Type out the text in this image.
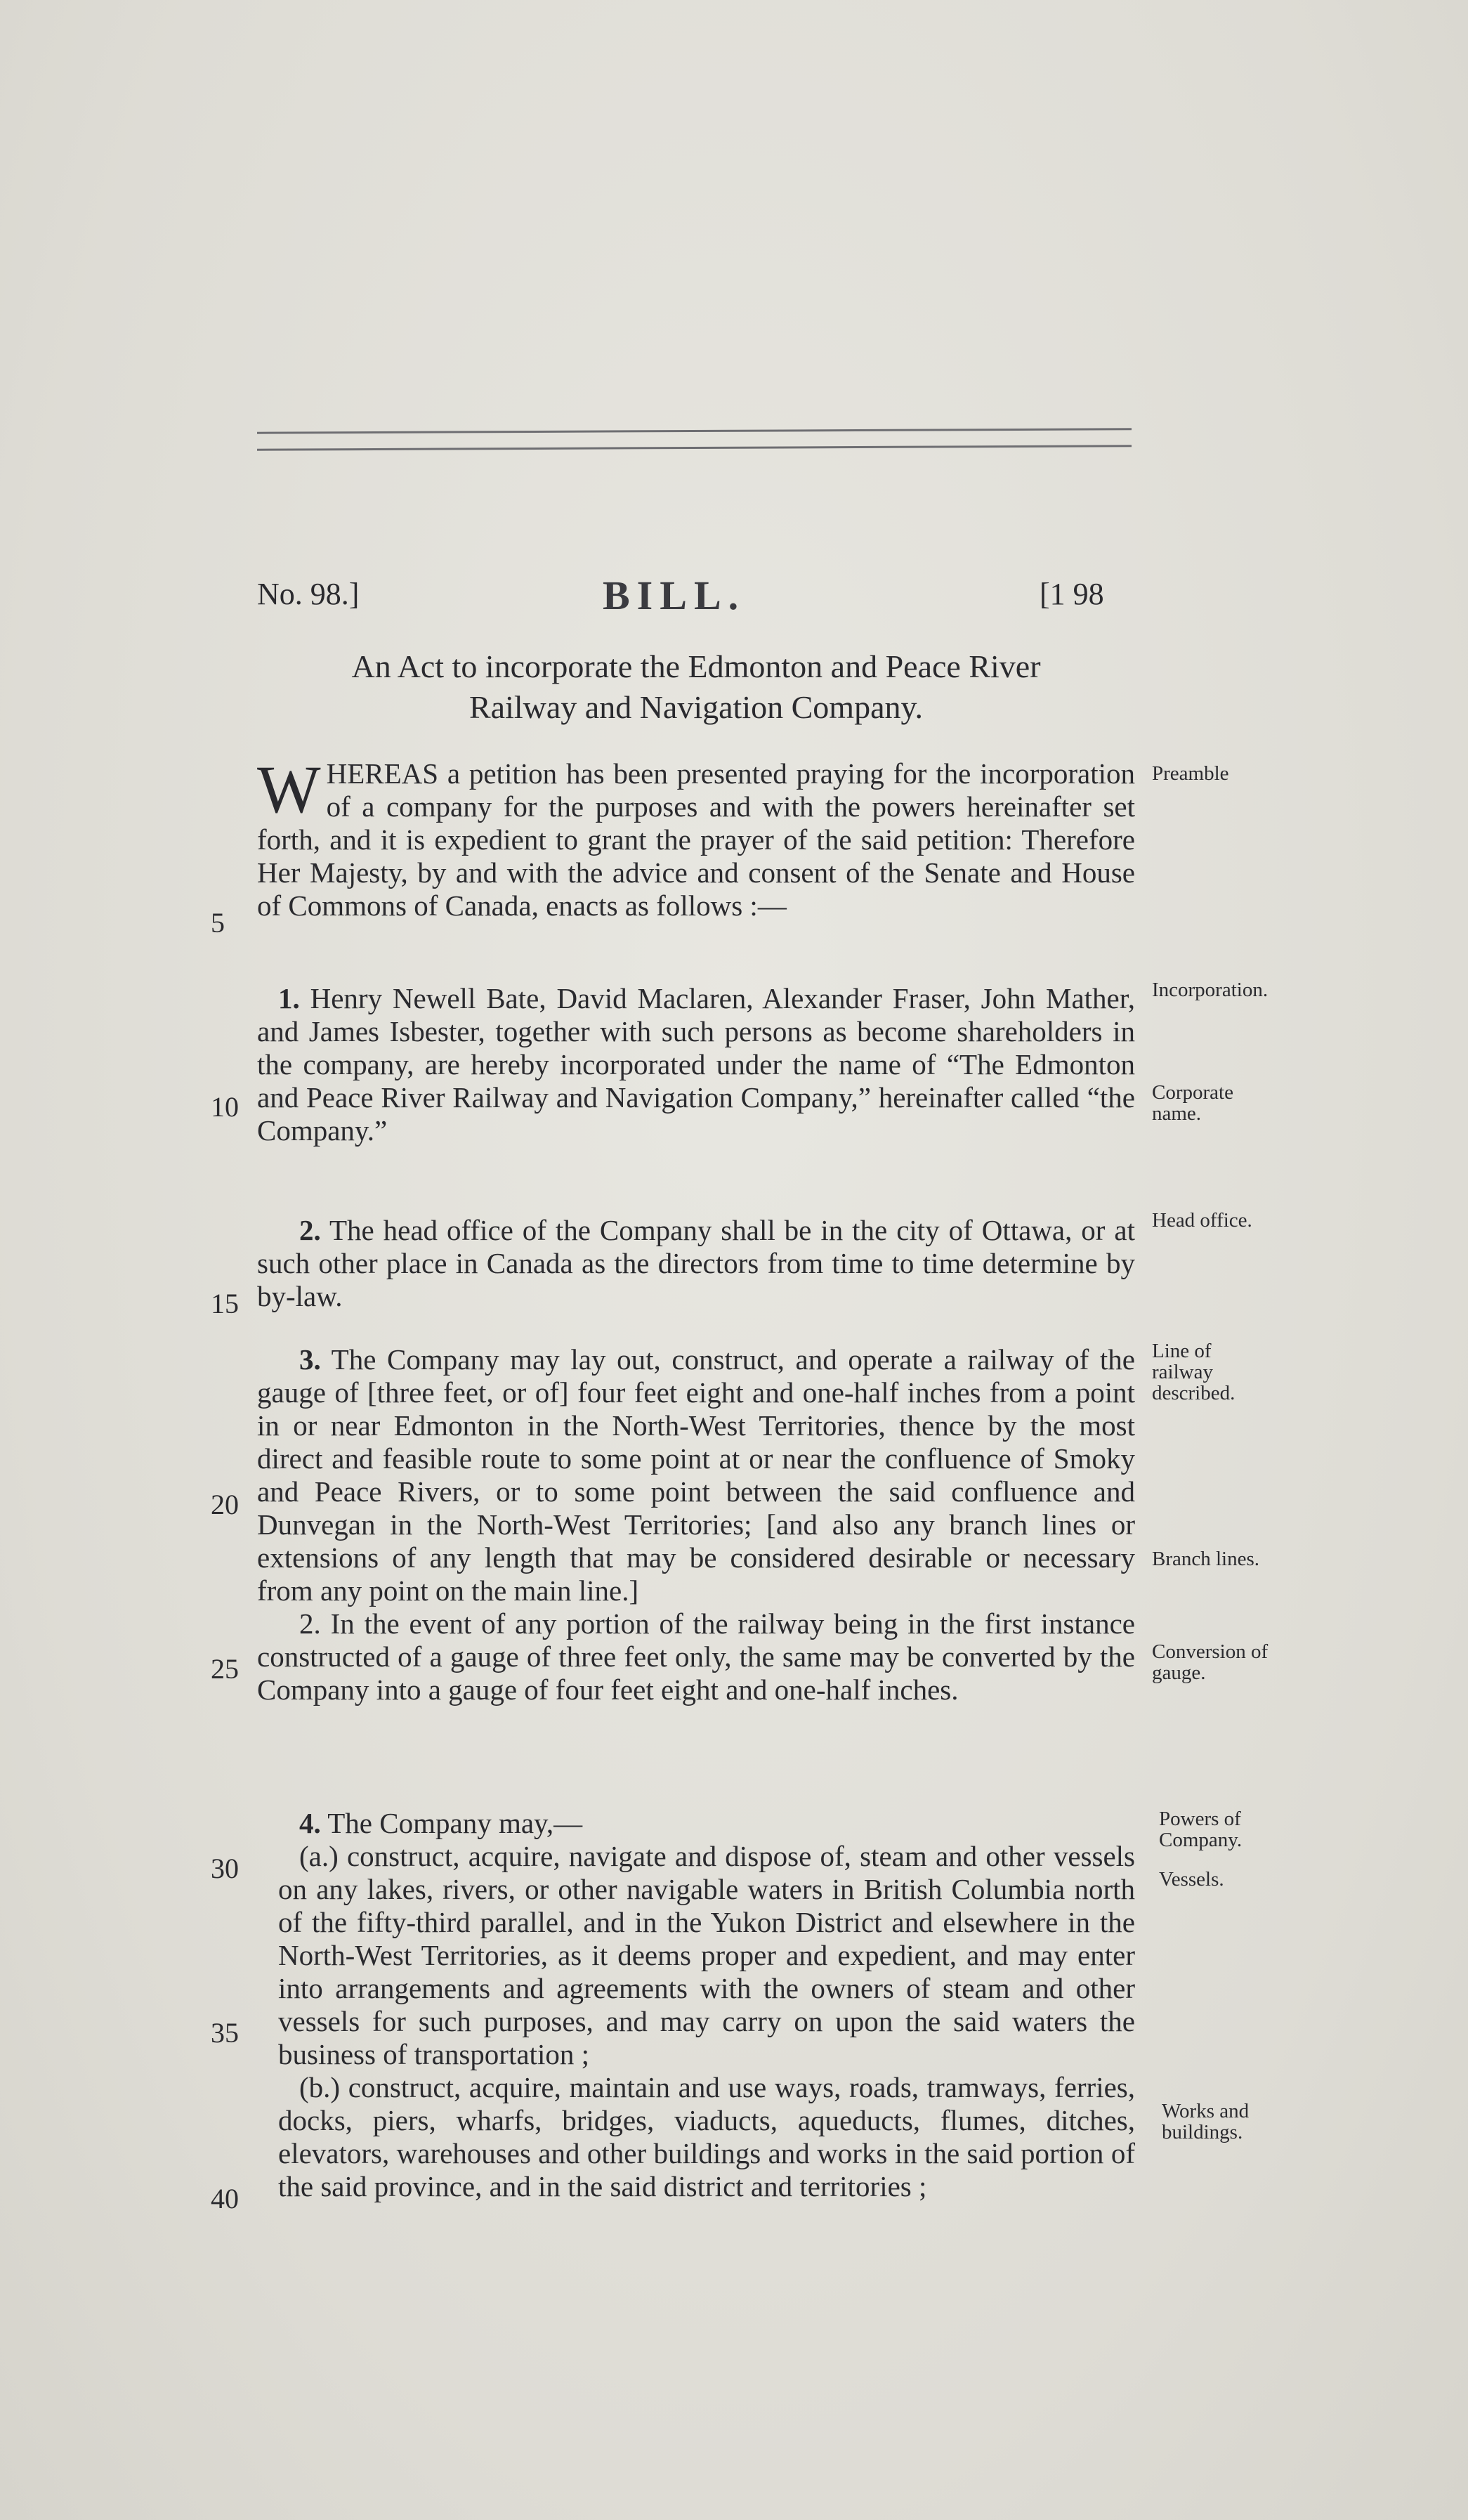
No. 98.]	BILL.	[1 98
An Act to incorporate the Edmonton and Peace River
Railway and Navigation Company.

W HEREAS a petition has been presented praying for the incorporation of a company for the purposes and with the powers hereinafter set forth, and it is expedient to grant the prayer of the said petition: Therefore Her Majesty, by and with the advice and consent of the Senate and House of Commons of Canada, enacts as follows :—

1. Henry Newell Bate, David Maclaren, Alexander Fraser, John Mather, and James Isbester, together with such persons as become shareholders in the company, are hereby incorporated under the name of “The Edmonton and Peace River Railway and Navigation Company,” hereinafter called “the Company.”

2. The head office of the Company shall be in the city of Ottawa, or at such other place in Canada as the directors from time to time determine by by-law.

3. The Company may lay out, construct, and operate a railway of the gauge of [three feet, or of] four feet eight and one-half inches from a point in or near Edmonton in the North-West Territories, thence by the most direct and feasible route to some point at or near the confluence of Smoky and Peace Rivers, or to some point between the said confluence and Dunvegan in the North-West Territories; [and also any branch lines or extensions of any length that may be considered desirable or necessary from any point on the main line.]

2. In the event of any portion of the railway being in the first instance constructed of a gauge of three feet only, the same may be converted by the Company into a gauge of four feet eight and one-half inches.

4. The Company may,—

(a.) construct, acquire, navigate and dispose of, steam and other vessels on any lakes, rivers, or other navigable waters in British Columbia north of the fifty-third parallel, and in the Yukon District and elsewhere in the North-West Territories, as it deems proper and expedient, and may enter into arrangements and agreements with the owners of steam and other vessels for such purposes, and may carry on upon the said waters the business of transportation ;

(b.) construct, acquire, maintain and use ways, roads, tramways, ferries, docks, piers, wharfs, bridges, viaducts, aqueducts, flumes, ditches, elevators, warehouses and other buildings and works in the said portion of the said province, and in the said district and territories ;

5
10
15
20
25
30
35
40
Preamble
Incorporation.
Corporate name.
Head office.
Line of railway described.
Branch lines.
Conversion of gauge.
Powers of Company.
Vessels.
Works and buildings.
